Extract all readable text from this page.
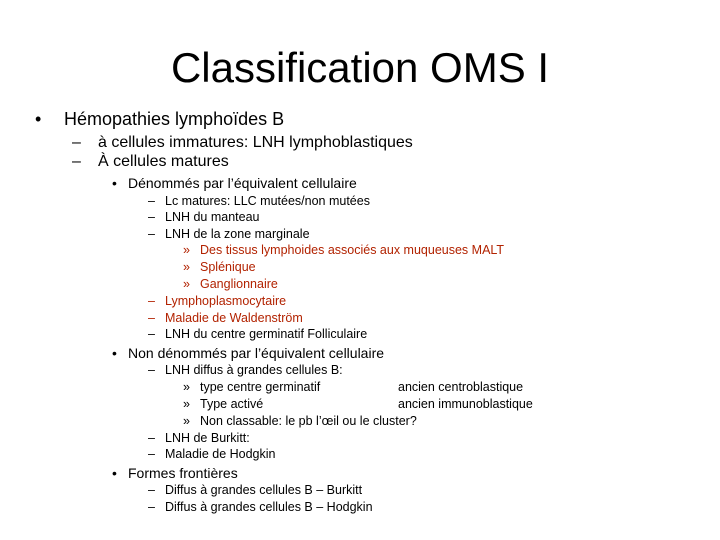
Classification OMS I
• Hémopathies lymphoïdes B
– à cellules immatures: LNH lymphoblastiques
– À cellules matures
• Dénommés par l’équivalent cellulaire
– Lc matures: LLC mutées/non mutées
– LNH du manteau
– LNH de la zone marginale
» Des tissus lymphoides associés aux muqueuses MALT
» Splénique
» Ganglionnaire
– Lymphoplasmocytaire
– Maladie de Waldenström
– LNH du centre germinatif Folliculaire
• Non dénommés par l’équivalent cellulaire
– LNH diffus à grandes cellules B:
» type centre germinatif	ancien centroblastique
» Type activé	ancien immunoblastique
» Non classable: le pb l’œil ou le cluster?
– LNH de Burkitt:
– Maladie de Hodgkin
• Formes frontières
– Diffus à grandes cellules B – Burkitt
– Diffus à grandes cellules B – Hodgkin
